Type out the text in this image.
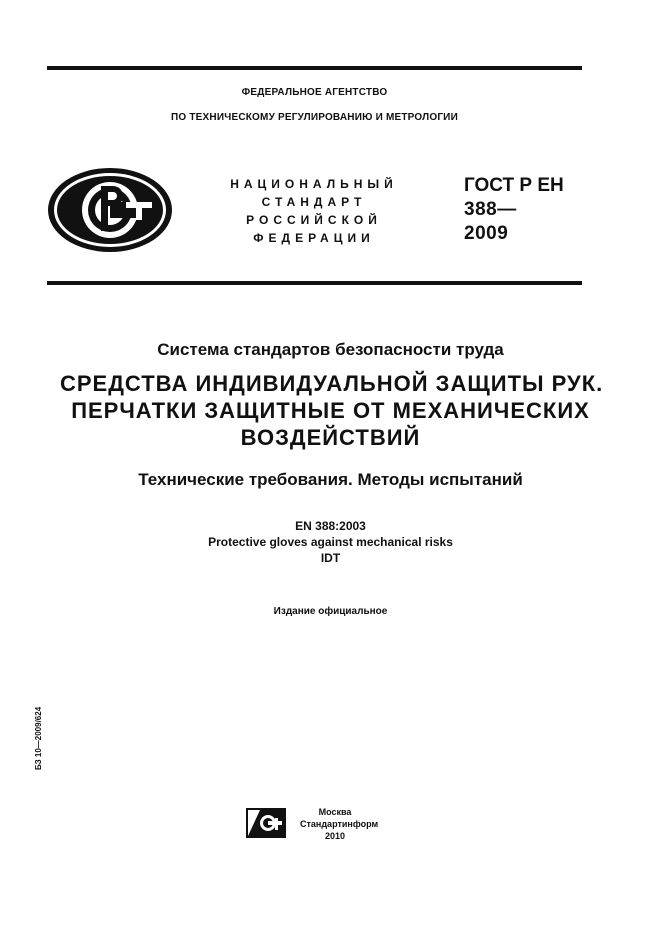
ФЕДЕРАЛЬНОЕ АГЕНТСТВО
ПО ТЕХНИЧЕСКОМУ РЕГУЛИРОВАНИЮ И МЕТРОЛОГИИ
НАЦИОНАЛЬНЫЙ
СТАНДАРТ
РОССИЙСКОЙ
ФЕДЕРАЦИИ
ГОСТ Р ЕН
388—
2009
Система стандартов безопасности труда
СРЕДСТВА ИНДИВИДУАЛЬНОЙ ЗАЩИТЫ РУК.
ПЕРЧАТКИ ЗАЩИТНЫЕ ОТ МЕХАНИЧЕСКИХ
ВОЗДЕЙСТВИЙ
Технические требования. Методы испытаний
EN 388:2003
Protective gloves against mechanical risks
IDT
Издание официальное
БЗ 10—2009/624
Москва
Стандартинформ
2010
